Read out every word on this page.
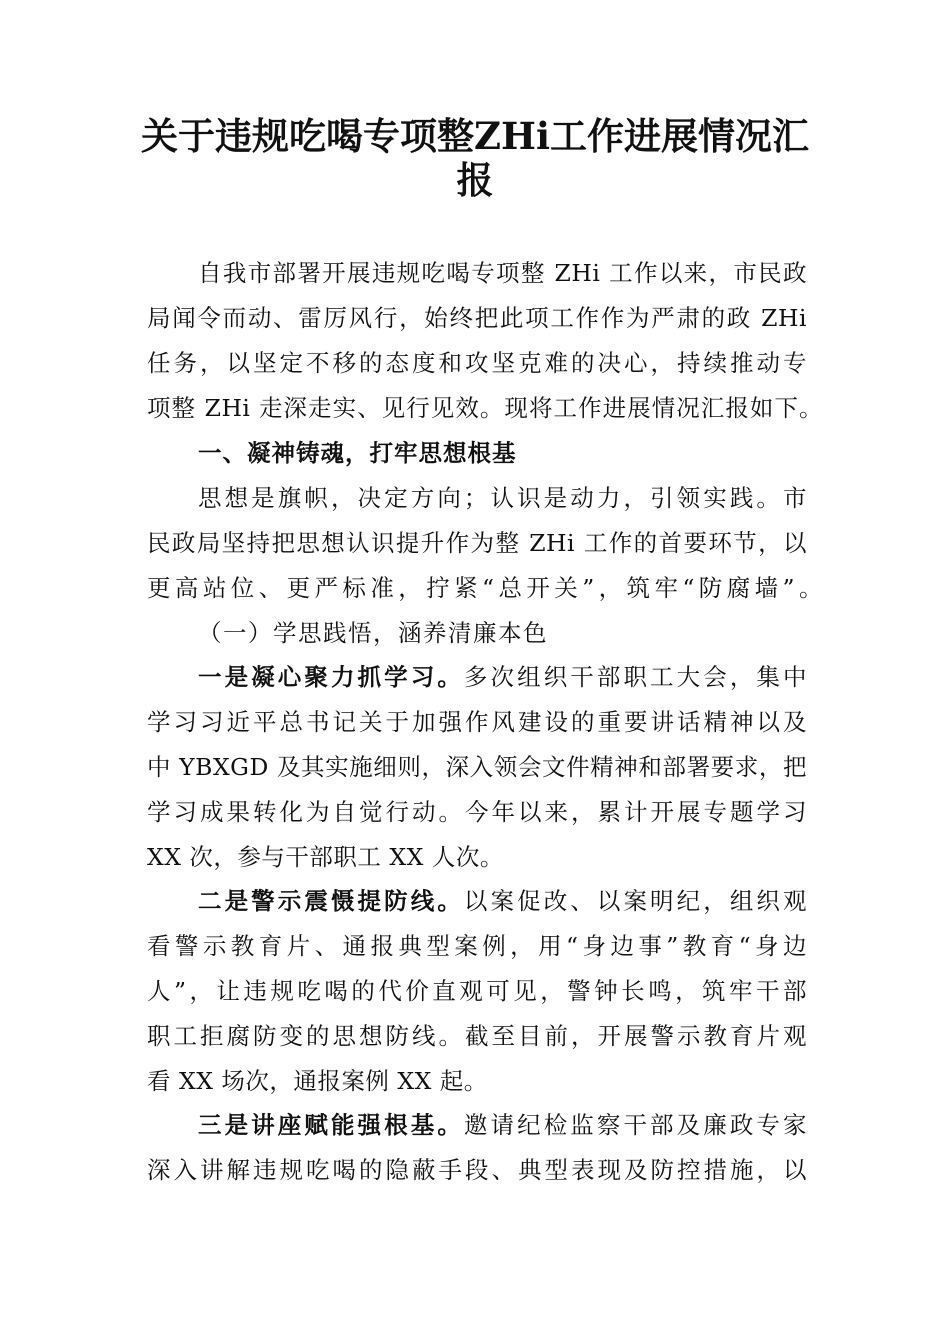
关于违规吃喝专项整ZHi工作进展情况汇
报
自我市部署开展违规吃喝专项整 ZHi 工作以来，市民政
局闻令而动、雷厉风行，始终把此项工作作为严肃的政 ZHi
任务，以坚定不移的态度和攻坚克难的决心，持续推动专
项整 ZHi 走深走实、见行见效。现将工作进展情况汇报如下。
一、凝神铸魂，打牢思想根基
思想是旗帜，决定方向；认识是动力，引领实践。市
民政局坚持把思想认识提升作为整 ZHi 工作的首要环节，以
更高站位、更严标准，拧紧“总开关”，筑牢“防腐墙”。
（一）学思践悟，涵养清廉本色
一是凝心聚力抓学习。多次组织干部职工大会，集中
学习习近平总书记关于加强作风建设的重要讲话精神以及
中 YBXGD 及其实施细则，深入领会文件精神和部署要求，把
学习成果转化为自觉行动。今年以来，累计开展专题学习
XX 次，参与干部职工 XX 人次。
二是警示震慑提防线。以案促改、以案明纪，组织观
看警示教育片、通报典型案例，用“身边事”教育“身边
人”，让违规吃喝的代价直观可见，警钟长鸣，筑牢干部
职工拒腐防变的思想防线。截至目前，开展警示教育片观
看 XX 场次，通报案例 XX 起。
三是讲座赋能强根基。邀请纪检监察干部及廉政专家
深入讲解违规吃喝的隐蔽手段、典型表现及防控措施，以
